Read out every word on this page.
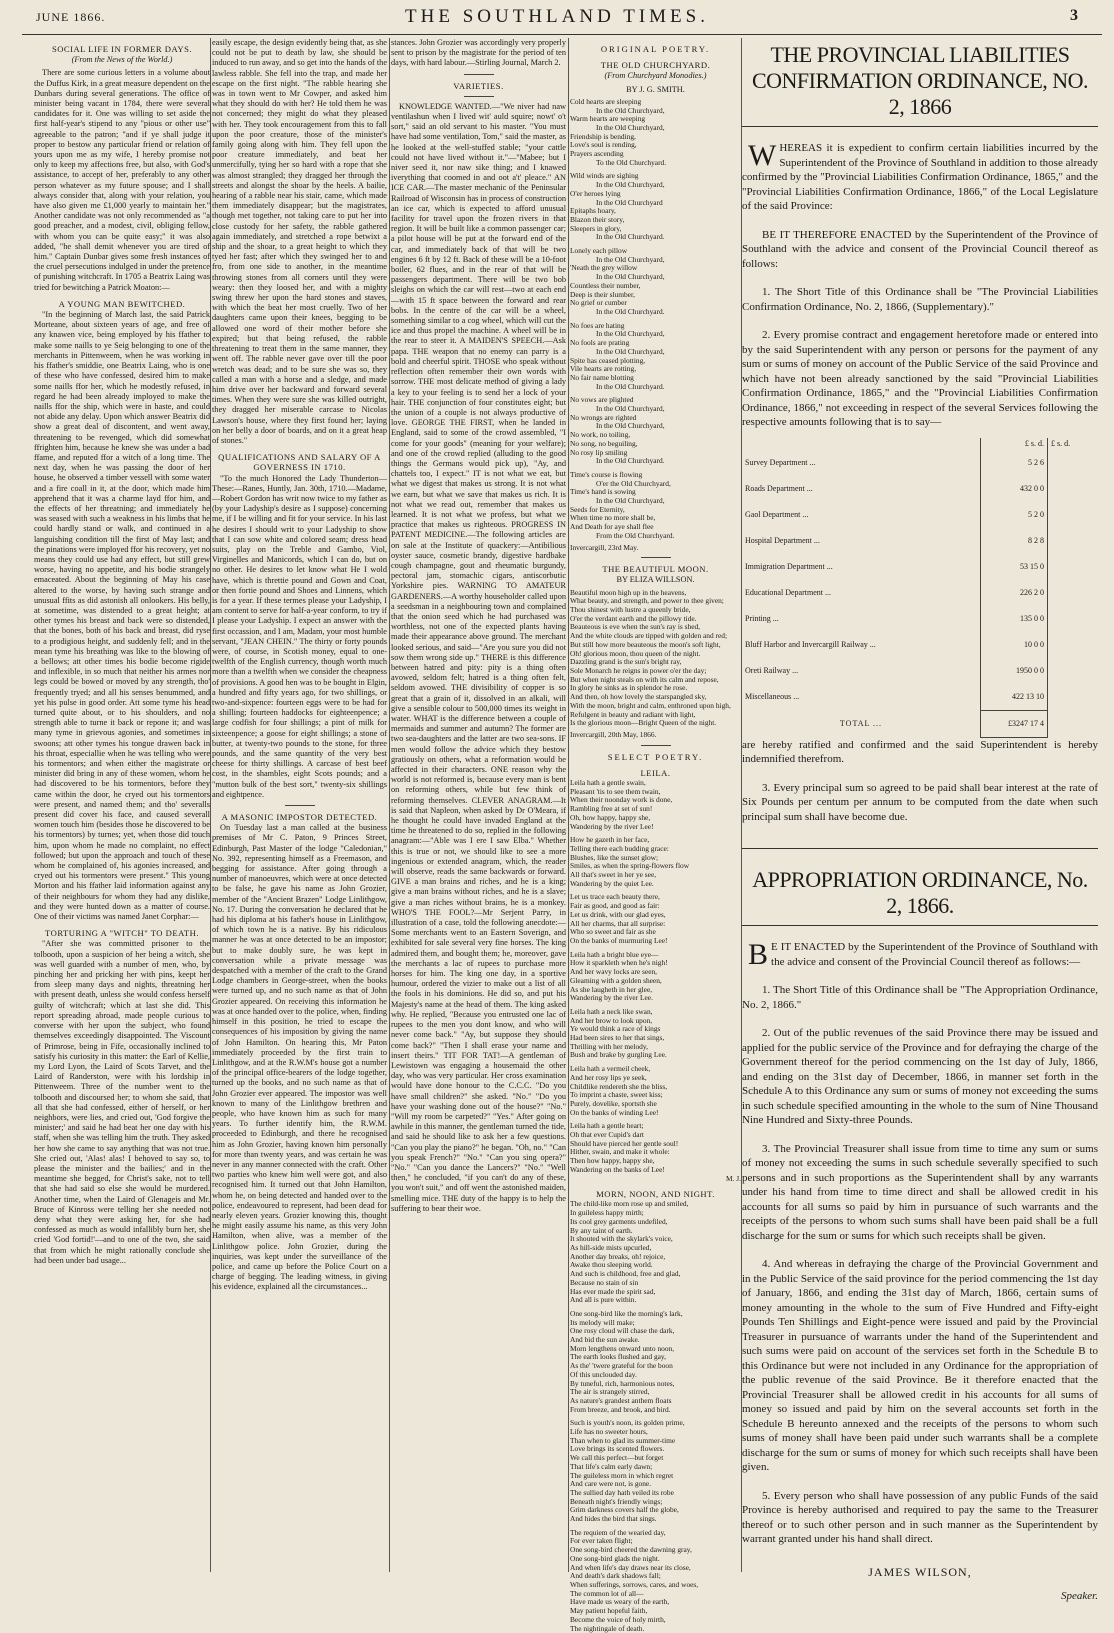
JUNE 1866.	THE SOUTHLAND TIMES.	3
SOCIAL LIFE IN FORMER DAYS.
(From the News of the World.)

There are some curious letters in a volume about the Duffus Kirk, in a great measure dependent on the Dunbars during several generations. The office of minister being vacant in 1784, there were several candidates for it. One was willing to set aside the first half-year's stipend to any "pious or other use" agreeable to the patron; "and if ye shall judge it proper to bestow any particular friend or relation of yours upon me as my wife, I hereby promise not only to keep my affections free, but also, with God's assistance, to accept of her, preferably to any other person whatever as my future spouse; and I shall always consider that, along with your relation, you have also given me £1,000 yearly to maintain her." Another candidate was not only recommended as "a good preacher, and a modest, civil, obliging fellow, with whom you can be quite easy;" it was also added, "he shall demit whenever you are tired of him." Captain Dunbar gives some fresh instances of the cruel persecutions indulged in under the pretence of punishing witchcraft. In 1705 a Beatrix Laing was tried for bewitching a Patrick Moaton:—

A YOUNG MAN BEWITCHED.

"In the beginning of March last, the said Patrick Morteane, about sixteen years of age, and free of any knawen vice, being employed by his ffather to make some naills to ye Seig belonging to one of the merchants in Pittenweem, when he was working in his ffather's smiddie, one Beatrix Laing, who is one of these who have confessed, desired him to make some naills ffor her, which he modestly refused, in regard he had been already imployed to make the naills ffor the ship, which were in haste, and could not abide any delay. Upon which answer Beatrix did show a great deal of discontent, and went away, threatening to be revenged, which did somewhat ffrighten him, because he knew she was under a bad ffame, and reputed ffor a witch of a long time. The next day, when he was passing the door of her house, he observed a timber vessell with some water and a fire coall in it, at the door, which made him apprehend that it was a charme layd ffor him, and the effects of her threatning; and immediately he was seased with such a weakness in his limbs that he could hardly stand or walk, and continued in a languishing condition till the first of May last; and the pinations were imployed ffor his recovery, yet no means they could use had any effect, but still grew worse, having no appetite, and his bodie strangely emaceated. About the beginning of May his case altered to the worse, by having such strange and unusual ffits as did astonish all onlookers. His belly, at sometime, was distended to a great height; at other tymes his breast and back were so distended, that the bones, both of his back and breast, did ryse to a prodigious height, and suddenly fell; and in the mean tyme his breathing was like to the blowing of a bellows; att other times his bodie become rigide and inflexible, in so much that neither his armes nor legs could be bowed or moved by any strength, tho' frequently tryed; and all his senses benummed, and yet his pulse in good order. Att some tyme his head turned quite about, or to his shoulders, and no strength able to turne it back or repone it; and was many tyme in grievous agonies, and sometimes in swoons; att other tymes his tongue drawen back in his throat, especiallie when he was telling who were his tormentors; and when either the magistrate or minister did bring in any of these women, whom he had discovered to be his tormentors, before they came within the door, he cryed out his tormentors were present, and named them; and tho' severalls present did cover his face, and caused severall women touch him (besides those he discovered to be his tormentors) by turnes; yet, when those did touch him, upon whom he made no complaint, no effect followed; but upon the approach and touch of these whom he complained of, his agonies increased, and cryed out his tormentors were present." This young Morton and his ffather laid information against any of their neighbours for whom they had any dislike, and they were hunted down as a matter of course. One of their victims was named Janet Corphar:—

TORTURING A "WITCH" TO DEATH.

"After she was committed prisoner to the tolbooth, upon a suspicion of her being a witch, she was well guarded with a number of men, who, by pinching her and pricking her with pins, keept her from sleep many days and nights, threatning her with present death, unless she would confess herself guilty of witchcraft; which at last she did. This report spreading abroad, made people curious to converse with her upon the subject, who found themselves exceedingly disappointed. The Viscount of Primrose, being in Fife, occasionally inclined to satisfy his curiosity in this matter: the Earl of Kellie, my Lord Lyon, the Laird of Scots Tarvet, and the Laird of Randerston, were with his lordship in Pittenweem. Three of the number went to the tolbooth and discoursed her; to whom she said, that all that she had confessed, either of herself, or her neighbors, were lies, and cried out, 'God forgive the minister;' and said he had beat her one day with his staff, when she was telling him the truth. They asked her how she came to say anything that was not true. She cried out, 'Alas! alas! I behoved to say so, to please the minister and the bailies;' and in the meantime she begged, for Christ's sake, not to tell that she had said so else she would be murdered. Another time, when the Laird of Glenageis and Mr. Bruce of Kinross were telling her she needed not deny what they were asking her, for she had confessed as much as would infallibly burn her, she cried 'God fortid!'—and to one of the two, she said that from which he might rationally conclude she had been under bad usage...

easily escape, the design evidently being that, as she could not be put to death by law, she should be induced to run away, and so get into the hands of the lawless rabble. She fell into the trap, and made her escape on the first night. "The rabble hearing she was in town went to Mr Cowper, and asked him what they should do with her? He told them he was not concerned; they might do what they pleased with her. They took encouragement from this to fall upon the poor creature, those of the minister's family going along with him. They fell upon the poor creature immediately, and beat her unmercifully, tying her so hard with a rope that she was almost strangled; they dragged her through the streets and alongst the shoar by the heels. A bailie, hearing of a rabble near his stair, came, which made them immediately disappear; but the magistrates, though met together, not taking care to put her into close custody for her safety, the rabble gathered again immediately, and stretched a rope betwixt a ship and the shoar, to a great height to which they tyed her fast; after which they swinged her to and fro, from one side to another, in the meantime throwing stones from all corners until they were weary: then they loosed her, and with a mighty swing threw her upon the hard stones and staves, with which the beat her most cruelly. Two of her daughters came upon their knees, begging to be allowed one word of their mother before she expired; but that being refused, the rabble threatening to treat them in the same manner, they went off. The rabble never gave over till the poor wretch was dead; and to be sure she was so, they called a man with a horse and a sledge, and made him drive over her backward and forward several times. When they were sure she was killed outright, they dragged her miserable carcase to Nicolas Lawson's house, where they first found her; laying on her belly a door of boards, and on it a great heap of stones."

QUALIFICATIONS AND SALARY OF A GOVERNESS IN 1710.

"To the much Honored the Lady Thunderton—These:—Ranes, Huntly, Jan. 30th, 1710.—Madame,—Robert Gordon has writ now twice to my father as (by your Ladyship's desire as I suppose) concerning me, if I be willing and fit for your service. In his last he desires I should writ to your Ladyship to show that I can sow white and colored seam; dress head suits, play on the Treble and Gambo, Viol, Virginelles and Manicords, which I can do, but on no other. He desires to let know what He I wold have, which is threttie pound and Gown and Coat, or then fortie pound and Shoes and Linnens, which is for a year. If these termes please your Ladyship, I am content to serve for half-a-year conform, to try if I please your Ladyship. I expect an answer with the first occassion, and I am, Madam, your most humble servant, "JEAN CHEIN." The thirty or forty pounds were, of course, in Scotish money, equal to one-twelfth of the English currency, though worth much more than a twelfth when we consider the cheapness of provisions. A good hen was to be bought in Elgin, a hundred and fifty years ago, for two shillings, or two-and-sixpence: fourteen eggs were to be had for a shilling; fourteen haddocks for eighteenpence; a large codfish for four shillings; a pint of milk for sixteenpence; a goose for eight shillings; a stone of butter, at twenty-two pounds to the stone, for three pounds, and the same quantity of the very best cheese for thirty shillings. A carcase of best beef cost, in the shambles, eight Scots pounds; and a "mutton bulk of the best sort," twenty-six shillings and eightpence.

A MASONIC IMPOSTOR DETECTED.

On Tuesday last a man called at the business premises of Mr C. Paton, 9 Princes Street, Edinburgh, Past Master of the lodge "Caledonian," No. 392, representing himself as a Freemason, and begging for assistance. After going through a number of manoeuvres, which were at once detected to be false, he gave his name as John Grozier, member of the "Ancient Brazen" Lodge Linlithgow, No. 17. During the conversation he declared that he had his diploma at his father's house in Linlithgow, of which town he is a native. By his ridiculous manner he was at once detected to be an impostor; but to make doubly sure, he was kept in conversation while a private message was despatched with a member of the craft to the Grand Lodge chambers in George-street, when the books were turned up, and no such name as that of John Grozier appeared. On receiving this information he was at once handed over to the police, when, finding himself in this position, he tried to escape the consequences of his imposition by giving the name of John Hamilton. On hearing this, Mr Paton immediately proceeded by the first train to Linlithgow, and at the R.W.M's house got a number of the principal office-bearers of the lodge together, turned up the books, and no such name as that of John Grozier ever appeared. The impostor was well known to many of the Linlithgow brethren and people, who have known him as such for many years. To further identify him, the R.W.M. proceeded to Edinburgh, and there he recognised him as John Grozier, having known him personally for more than twenty years, and was certain he was never in any manner connected with the craft. Other two parties who knew him well were got, and also recognised him. It turned out that John Hamilton, whom he, on being detected and handed over to the police, endeavoured to represent, had been dead for nearly eleven years. Grozier knowing this, thought he might easily assume his name, as this very John Hamilton, when alive, was a member of the Linlithgow police. John Grozier, during the inquiries, was kept under the surveillance of the police, and came up before the Police Court on a charge of begging. The leading witness, in giving his evidence, explained all the circumstances...

stances. John Grozier was accordingly very properly sent to prison by the magistrate for the period of ten days, with hard labour.—Stirling Journal, March 2.

VARIETIES.

KNOWLEDGE WANTED.—"We niver had naw ventilashun when I lived wit' auld squire; nowt' o't sort," said an old servant to his master. "You must have had some ventilation, Tom," said the master, as he looked at the well-stuffed stable; "your cattle could not have lived without it."—"Mabee; but I niver seed it, nor naw sike thing; and I knawed iverything that coomed in and oot a't' pleace." AN ICE CAR.—The master mechanic of the Peninsular Railroad of Wisconsin has in process of construction an ice car, which is expected to afford unusual facility for travel upon the frozen rivers in that region. It will be built like a common passenger car; a pilot house will be put at the forward end of the car, and immediately back of that will be two engines 6 ft by 12 ft. Back of these will be a 10-foot boiler, 62 flues, and in the rear of that will be passengers department. There will be two bob sleighs on which the car will rest—two at each end—with 15 ft space between the forward and rear bobs. In the centre of the car will be a wheel, something similar to a cog wheel, which will cut the ice and thus propel the machine. A wheel will be in the rear to steer it. A MAIDEN'S SPEECH.—Ask papa. THE weapon that no enemy can parry is a bold and cheerful spirit. THOSE who speak without reflection often remember their own words with sorrow. THE most delicate method of giving a lady a key to your feeling is to send her a lock of your hair. THE conjunction of four constitutes eight; but the union of a couple is not always productive of love. GEORGE THE FIRST, when he landed in England, said to some of the crowd assembled, "I come for your goods" (meaning for your welfare); and one of the crowd replied (alluding to the good things the Germans would pick up), "Ay, and chattels too, I expect." IT is not what we eat, but what we digest that makes us strong. It is not what we earn, but what we save that makes us rich. It is not what we read out, remember that makes us learned. It is not what we profess, but what we practice that makes us righteous. PROGRESS IN PATENT MEDICINE.—The following articles are on sale at the Institute of quackery:—Antibilious oyster sauce, cosmetic brandy, digestive hardbake cough champagne, gout and rheumatic burgundy, pectoral jam, stomachic cigars, antiscorbutic Yorkshire pies. WARNING TO AMATEUR GARDENERS.—A worthy householder called upon a seedsman in a neighbouring town and complained that the onion seed which he had purchased was worthless, not one of the expected plants having made their appearance above ground. The merchant looked serious, and said—"Are you sure you did not sow them wrong side up." THERE is this difference between hatred and pity: pity is a thing often avowed, seldom felt; hatred is a thing often felt, seldom avowed. THE divisibility of copper is so great that a grain of it, dissolved in an alkali, will give a sensible colour to 500,000 times its weight in water. WHAT is the difference between a couple of mermaids and summer and autumn? The former are two sea-daughters and the latter are two sea-sons. IF men would follow the advice which they bestow gratiously on others, what a reformation would be affected in their characters. ONE reason why the world is not reformed is, because every man is bent on reforming others, while but few think of reforming themselves. CLEVER ANAGRAM.—It is said that Napleon, when asked by Dr O'Meara, if he thought he could have invaded England at the time he threatened to do so, replied in the following anagram:—"Able was I ere I saw Elba." Whether this is true or not, we should like to see a more ingenious or extended anagram, which, the reader will observe, reads the same backwards or forward. GIVE a man brains and riches, and he is a king; give a man brains without riches, and he is a slave; give a man riches without brains, he is a monkey. WHO'S THE FOOL?—Mr Serjent Parry, in illustration of a case, told the following anecdote:—Some merchants went to an Eastern Soverign, and exhibited for sale several very fine horses. The king admired them, and bought them; he, moreover, gave the merchants a lac of rupees to purchase more horses for him. The king one day, in a sportive humour, ordered the vizier to make out a list of all the fools in his dominions. He did so, and put his Majesty's name at the head of them. The king asked why. He replied, "Because you entrusted one lac of rupees to the men you dont know, and who will never come back." "Ay, but suppose they should come back?" "Then I shall erase your name and insert theirs." TIT FOR TAT!—A gentleman of Lewistown was engaging a housemaid the other day, who was very particular. Her cross examination would have done honour to the C.C.C. "Do you have small children?" she asked. "No." "Do you have your washing done out of the house?" "No." "Will my room be carpeted?" "Yes." After going on awhile in this manner, the gentleman turned the tide, and said he should like to ask her a few questions. "Can you play the piano?" he began. "Oh, no." "Can you speak French?" "No." "Can you sing opera?" "No." "Can you dance the Lancers?" "No." "Well then," he concluded, "if you can't do any of these, you won't suit," and off went the astonished maiden, smelling mice. THE duty of the happy is to help the suffering to bear their woe.

ORIGINAL POETRY.
THE OLD CHURCHYARD.
(From Churchyard Monodies.)
BY J. G. SMITH.
Cold hearts are sleeping
In the Old Churchyard,
Warm hearts are weeping
In the Old Churchyard,
Friendship is bending,
Love's soul is rending,
Prayers ascending
To the Old Churchyard.
Wild winds are sighing
In the Old Churchyard,
O'er heroes lying
In the Old Churchyard
Epitaphs hoary,
Blazon their story,
Sleepers in glory,
In the Old Churchyard.
Lonely each pillow
In the Old Churchyard,
'Neath the grey willow
In the Old Churchyard,
Countless their number,
Deep is their slumber,
No grief or cumber
In the Old Churchyard.
No foes are hating
In the Old Churchyard,
No fools are prating
In the Old Churchyard,
Spite has ceased plotting,
Vile hearts are rotting,
No fair name blotting
In the Old Churchyard.
No vows are plighted
In the Old Churchyard,
No wrongs are righted
In the Old Churchyard,
No work, no toiling,
No song, no beguiling,
No rosy lip smiling
In the Old Churchyard.
Time's course is flowing
O'er the Old Churchyard,
Time's hand is sowing
In the Old Churchyard,
Seeds for Eternity,
When time no more shall be,
And Death for aye shall flee
From the Old Churchyard.
Invercargill, 23rd May.
THE BEAUTIFUL MOON.
BY ELIZA WILLSON.
Beautiful moon high up in the heavens,
What beauty, and strength, and power to thee given;
Thou shinest with lustre a queenly bride,
O'er the verdant earth and the pillowy tide.
Beauteous is eve when the sun's ray is shed,
And the white clouds are tipped with golden and red;
But still how more beauteous the moon's soft light,
Oh! glorious moon, thou queen of the night.
Dazzling grand is the sun's bright ray,
Sole Monarch he reigns in power o'er the day;
But when night steals on with its calm and repose,
In glory he sinks as in splendor he rose.
And then, oh how lovely the starspangled sky,
With the moon, bright and calm, enthroned upon high,
Refulgent in beauty and radiant with light,
Is the glorious moon—Bright Queen of the night.
Invercargill, 20th May, 1866.
SELECT POETRY.
LEILA.
Leila hath a gentle swain,
Pleasant 'tis to see them twain,
When their noonday work is done,
Rambling free at set of sun!
Oh, how happy, happy she,
Wandering by the river Lee!
How he gazeth in her face,
Telling there each budding grace:
Blushes, like the sunset glow;
Smiles, as when the spring-flowers flow
All that's sweet in her ye see,
Wandering by the quiet Lee.
Let us trace each beauty there,
Fair as good, and good as fair:
Let us drink, with our glad eyes,
All her charms, that all surprise:
Who so sweet and fair as she
On the banks of murmuring Lee!
Leila hath a bright blue eye—
How it sparkleth when he's nigh!
And her wavy locks are seen,
Gleaming with a golden sheen,
As she laugheth in her glee,
Wandering by the river Lee.
Leila hath a neck like swan,
And her brow to look upon,
Ye would think a race of kings
Had been sires to her that sings,
Thrilling with her melody,
Bush and brake by gurgling Lee.
Leila hath a vermeil cheek,
And her rosy lips ye seek,
Childlike rendereth she the bliss,
To imprint a chaste, sweet kiss;
Purely, dovelike, sportsth she
On the banks of winding Lee!
Leila hath a gentle heart;
Oh that ever Cupid's dart
Should have pierced her gentle soul!
Hither, swain, and make it whole:
Then how happy, happy she,
Wandering on the banks of Lee!
M. J.
MORN, NOON, AND NIGHT.
The child-like morn rose up and smiled,
In guileless happy mirth;
Its cool grey garments undefiled,
By any taint of earth.
It shouted with the skylark's voice,
As hill-side mists upcurled,
Another day breaks, oh! rejoice,
Awake thou sleeping world.
And such is childhood, free and glad,
Because no stain of sin
Has ever made the spirit sad,
And all is pure within.
One song-bird like the morning's lark,
Its melody will make;
One rosy cloud will chase the dark,
And bid the sun awake.
Morn lengthens onward unto noon,
The earth looks flushed and gay,
As the' 'twere grateful for the boon
Of this unclouded day.
By tuneful, rich, harmonious notes,
The air is strangely stirred,
As nature's grandest anthem floats
From breeze, and brook, and bird.
Such is youth's noon, its golden prime,
Life has no sweeter hours,
Than when to glad its summer-time
Love brings its scented flowers.
We call this perfect—but forget
That life's calm early dawn;
The guileless morn in which regret
And care were not, is gone.
The sullied day hath veiled its robe
Beneath night's friendly wings;
Grim darkness covers half the globe,
And hides the bird that sings.
The requiem of the wearied day,
For ever taken flight;
One song-bird cheered the dawning gray,
One song-bird glads the night.
And when life's day draws near its close,
And death's dark shadows fall;
When sufferings, sorrows, cares, and woes,
The common lot of all—
Have made us weary of the earth,
May patient hopeful faith,
Become the voice of holy mirth,
The nightingale of death.
THE PROVINCIAL LIABILITIES CONFIRMATION ORDINANCE, NO. 2, 1866

WHEREAS it is expedient to confirm certain liabilities incurred by the Superintendent of the Province of Southland in addition to those already confirmed by the "Provincial Liabilities Confirmation Ordinance, 1865," and the "Provincial Liabilities Confirmation Ordinance, 1866," of the Local Legislature of the said Province:

BE IT THEREFORE ENACTED by the Superintendent of the Province of Southland with the advice and consent of the Provincial Council thereof as follows:

1. The Short Title of this Ordinance shall be "The Provincial Liabilities Confirmation Ordinance, No. 2, 1866, (Supplementary)."

2. Every promise contract and engagement heretofore made or entered into by the said Superintendent with any person or persons for the payment of any sum or sums of money on account of the Public Service of the said Province and which have not been already sanctioned by the said "Provincial Liabilities Confirmation Ordinance, 1865," and the "Provincial Liabilities Confirmation Ordinance, 1866," not exceeding in respect of the several Services following the respective amounts following that is to say—

	£ s. d.	£ s. d.
Survey Department ...	5 2 6	
Roads Department ...	432 0 0	
Gaol Department ...	5 2 0	
Hospital Department ...	8 2 8	
Immigration Department ...	53 15 0	
Educational Department ...	226 2 0	
Printing ...	135 0 0	
Bluff Harbor and Invercargill Railway ...	10 0 0	
Oreti Railway ...	1950 0 0	
Miscellaneous ...	422 13 10	
TOTAL ...	£3247 17 4	

are hereby ratified and confirmed and the said Superintendent is hereby indemnified therefrom.

3. Every principal sum so agreed to be paid shall bear interest at the rate of Six Pounds per centum per annum to be computed from the date when such principal sum shall have become due.

APPROPRIATION ORDINANCE, No. 2, 1866.

B E IT ENACTED by the Superintendent of the Province of Southland with the advice and consent of the Provincial Council thereof as follows:—

1. The Short Title of this Ordinance shall be "The Appropriation Ordinance, No. 2, 1866."

2. Out of the public revenues of the said Province there may be issued and applied for the public service of the Province and for defraying the charge of the Government thereof for the period commencing on the 1st day of July, 1866, and ending on the 31st day of December, 1866, in manner set forth in the Schedule A to this Ordinance any sum or sums of money not exceeding the sums in such schedule specified amounting in the whole to the sum of Nine Thousand Nine Hundred and Sixty-three Pounds.

3. The Provincial Treasurer shall issue from time to time any sum or sums of money not exceeding the sums in such schedule severally specified to such persons and in such proportions as the Superintendent shall by any warrants under his hand from time to time direct and shall be allowed credit in his accounts for all sums so paid by him in pursuance of such warrants and the receipts of the persons to whom such sums shall have been paid shall be a full discharge for the sum or sums for which such receipts shall be given.

4. And whereas in defraying the charge of the Provincial Government and in the Public Service of the said province for the period commencing the 1st day of January, 1866, and ending the 31st day of March, 1866, certain sums of money amounting in the whole to the sum of Five Hundred and Fifty-eight Pounds Ten Shillings and Eight-pence were issued and paid by the Provincial Treasurer in pursuance of warrants under the hand of the Superintendent and such sums were paid on account of the services set forth in the Schedule B to this Ordinance but were not included in any Ordinance for the appropriation of the public revenue of the said Province. Be it therefore enacted that the Provincial Treasurer shall be allowed credit in his accounts for all sums of money so issued and paid by him on the several accounts set forth in the Schedule B hereunto annexed and the receipts of the persons to whom such sums of money shall have been paid under such warrants shall be a complete discharge for the sum or sums of money for which such receipts shall have been given.

5. Every person who shall have possession of any public Funds of the said Province is hereby authorised and required to pay the same to the Treasurer thereof or to such other person and in such manner as the Superintendent by warrant granted under his hand shall direct.

JAMES WILSON,
Speaker.
